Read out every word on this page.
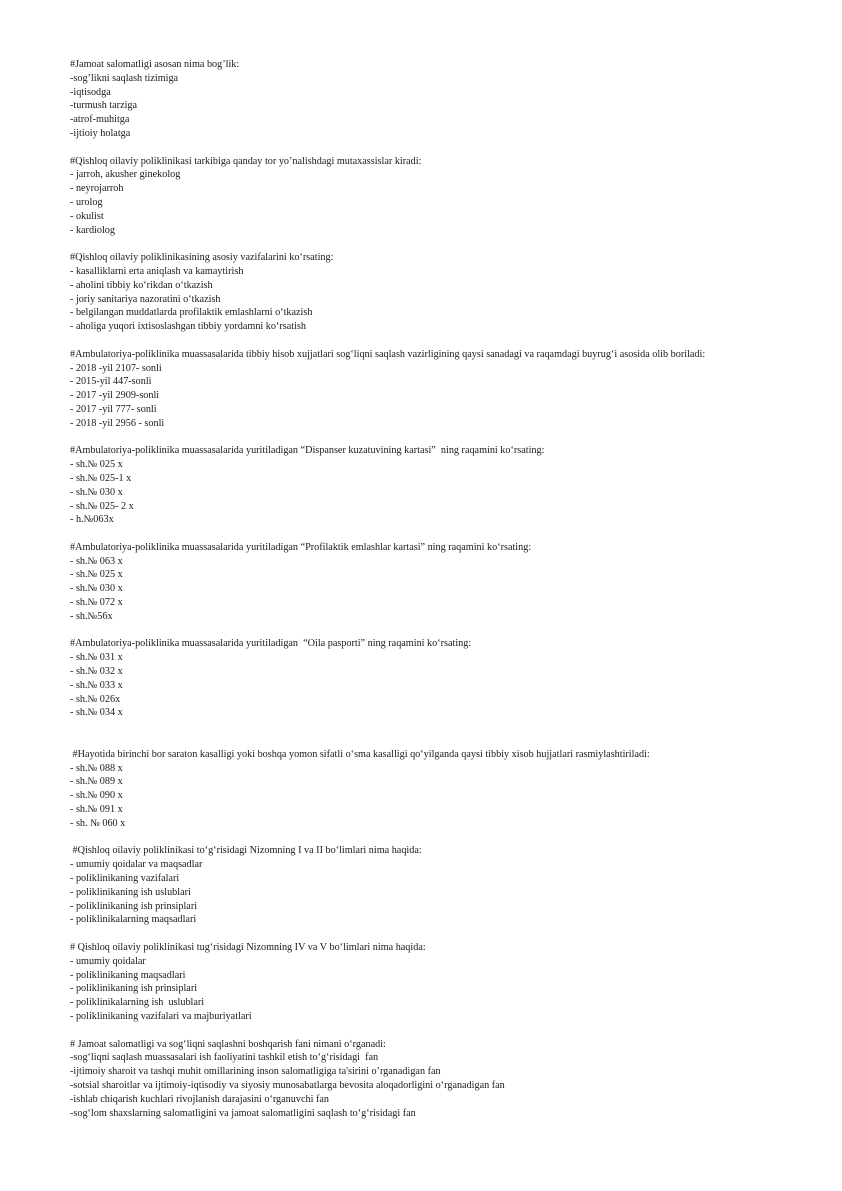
#Jamoat salomatligi asosan nima bog’lik:
-sog’likni saqlash tizimiga
-iqtisodga
-turmush tarziga
-atrof-muhitga
-ijtioiy holatga
#Qishloq oilaviy poliklinikasi tarkibiga qanday tor yo’nalishdagi mutaxassislar kiradi:
- jarroh, akusher ginekolog
- neyrojarroh
- urolog
- okulist
- kardiolog
#Qishloq oilaviy poliklinikasining asosiy vazifalarini ko‘rsating:
- kasalliklarni erta aniqlash va kamaytirish
- aholini tibbiy ko‘rikdan o‘tkazish
- joriy sanitariya nazoratini o‘tkazish
- belgilangan muddatlarda profilaktik emlashlarni o‘tkazish
- aholiga yuqori ixtisoslashgan tibbiy yordamni ko‘rsatish
#Ambulatoriya-poliklinika muassasalarida tibbiy hisob xujjatlari sog‘liqni saqlash vazirligining qaysi sanadagi va raqamdagi buyrug‘i asosida olib boriladi:
- 2018 -yil 2107- sonli
- 2015-yil 447-sonli
- 2017 -yil 2909-sonli
- 2017 -yil 777- sonli
- 2018 -yil 2956 - sonli
#Ambulatoriya-poliklinika muassasalarida yuritiladigan “Dispanser kuzatuvining kartasi”  ning raqamini ko‘rsating:
- sh.№ 025 x
- sh.№ 025-1 x
- sh.№ 030 x
- sh.№ 025- 2 x
- h.№063x
#Ambulatoriya-poliklinika muassasalarida yuritiladigan “Profilaktik emlashlar kartasi” ning raqamini ko‘rsating:
- sh.№ 063 x
- sh.№ 025 x
- sh.№ 030 x
- sh.№ 072 x
- sh.№56x
#Ambulatoriya-poliklinika muassasalarida yuritiladigan  “Oila pasporti” ning raqamini ko‘rsating:
- sh.№ 031 x
- sh.№ 032 x
- sh.№ 033 x
- sh.№ 026x
- sh.№ 034 x
#Hayotida birinchi bor saraton kasalligi yoki boshqa yomon sifatli o‘sma kasalligi qo‘yilganda qaysi tibbiy xisob hujjatlari rasmiylashtiriladi:
- sh.№ 088 x
- sh.№ 089 x
- sh.№ 090 x
- sh.№ 091 x
- sh. № 060 x
#Qishloq oilaviy poliklinikasi to‘g‘risidagi Nizomning I va II bo‘limlari nima haqida:
- umumiy qoidalar va maqsadlar
- poliklinikaning vazifalari
- poliklinikaning ish uslublari
- poliklinikaning ish prinsiplari
- poliklinikalarning maqsadlari
# Qishloq oilaviy poliklinikasi tug‘risidagi Nizomning IV va V bo‘limlari nima haqida:
- umumiy qoidalar
- poliklinikaning maqsadlari
- poliklinikaning ish prinsiplari
- poliklinikalarning ish  uslublari
- poliklinikaning vazifalari va majburiyatlari
# Jamoat salomatligi va sog‘liqni saqlashni boshqarish fani nimani o‘rganadi:
-sog‘liqni saqlash muassasalari ish faoliyatini tashkil etish to‘g‘risidagi  fan
-ijtimoiy sharoit va tashqi muhit omillarining inson salomatligiga ta'sirini o’rganadigan fan
-sotsial sharoitlar va ijtimoiy-iqtisodiy va siyosiy munosabatlarga bevosita aloqadorligini o‘rganadigan fan
-ishlab chiqarish kuchlari rivojlanish darajasini o‘rganuvchi fan
-sog‘lom shaxslarning salomatligini va jamoat salomatligini saqlash to‘g‘risidagi fan
